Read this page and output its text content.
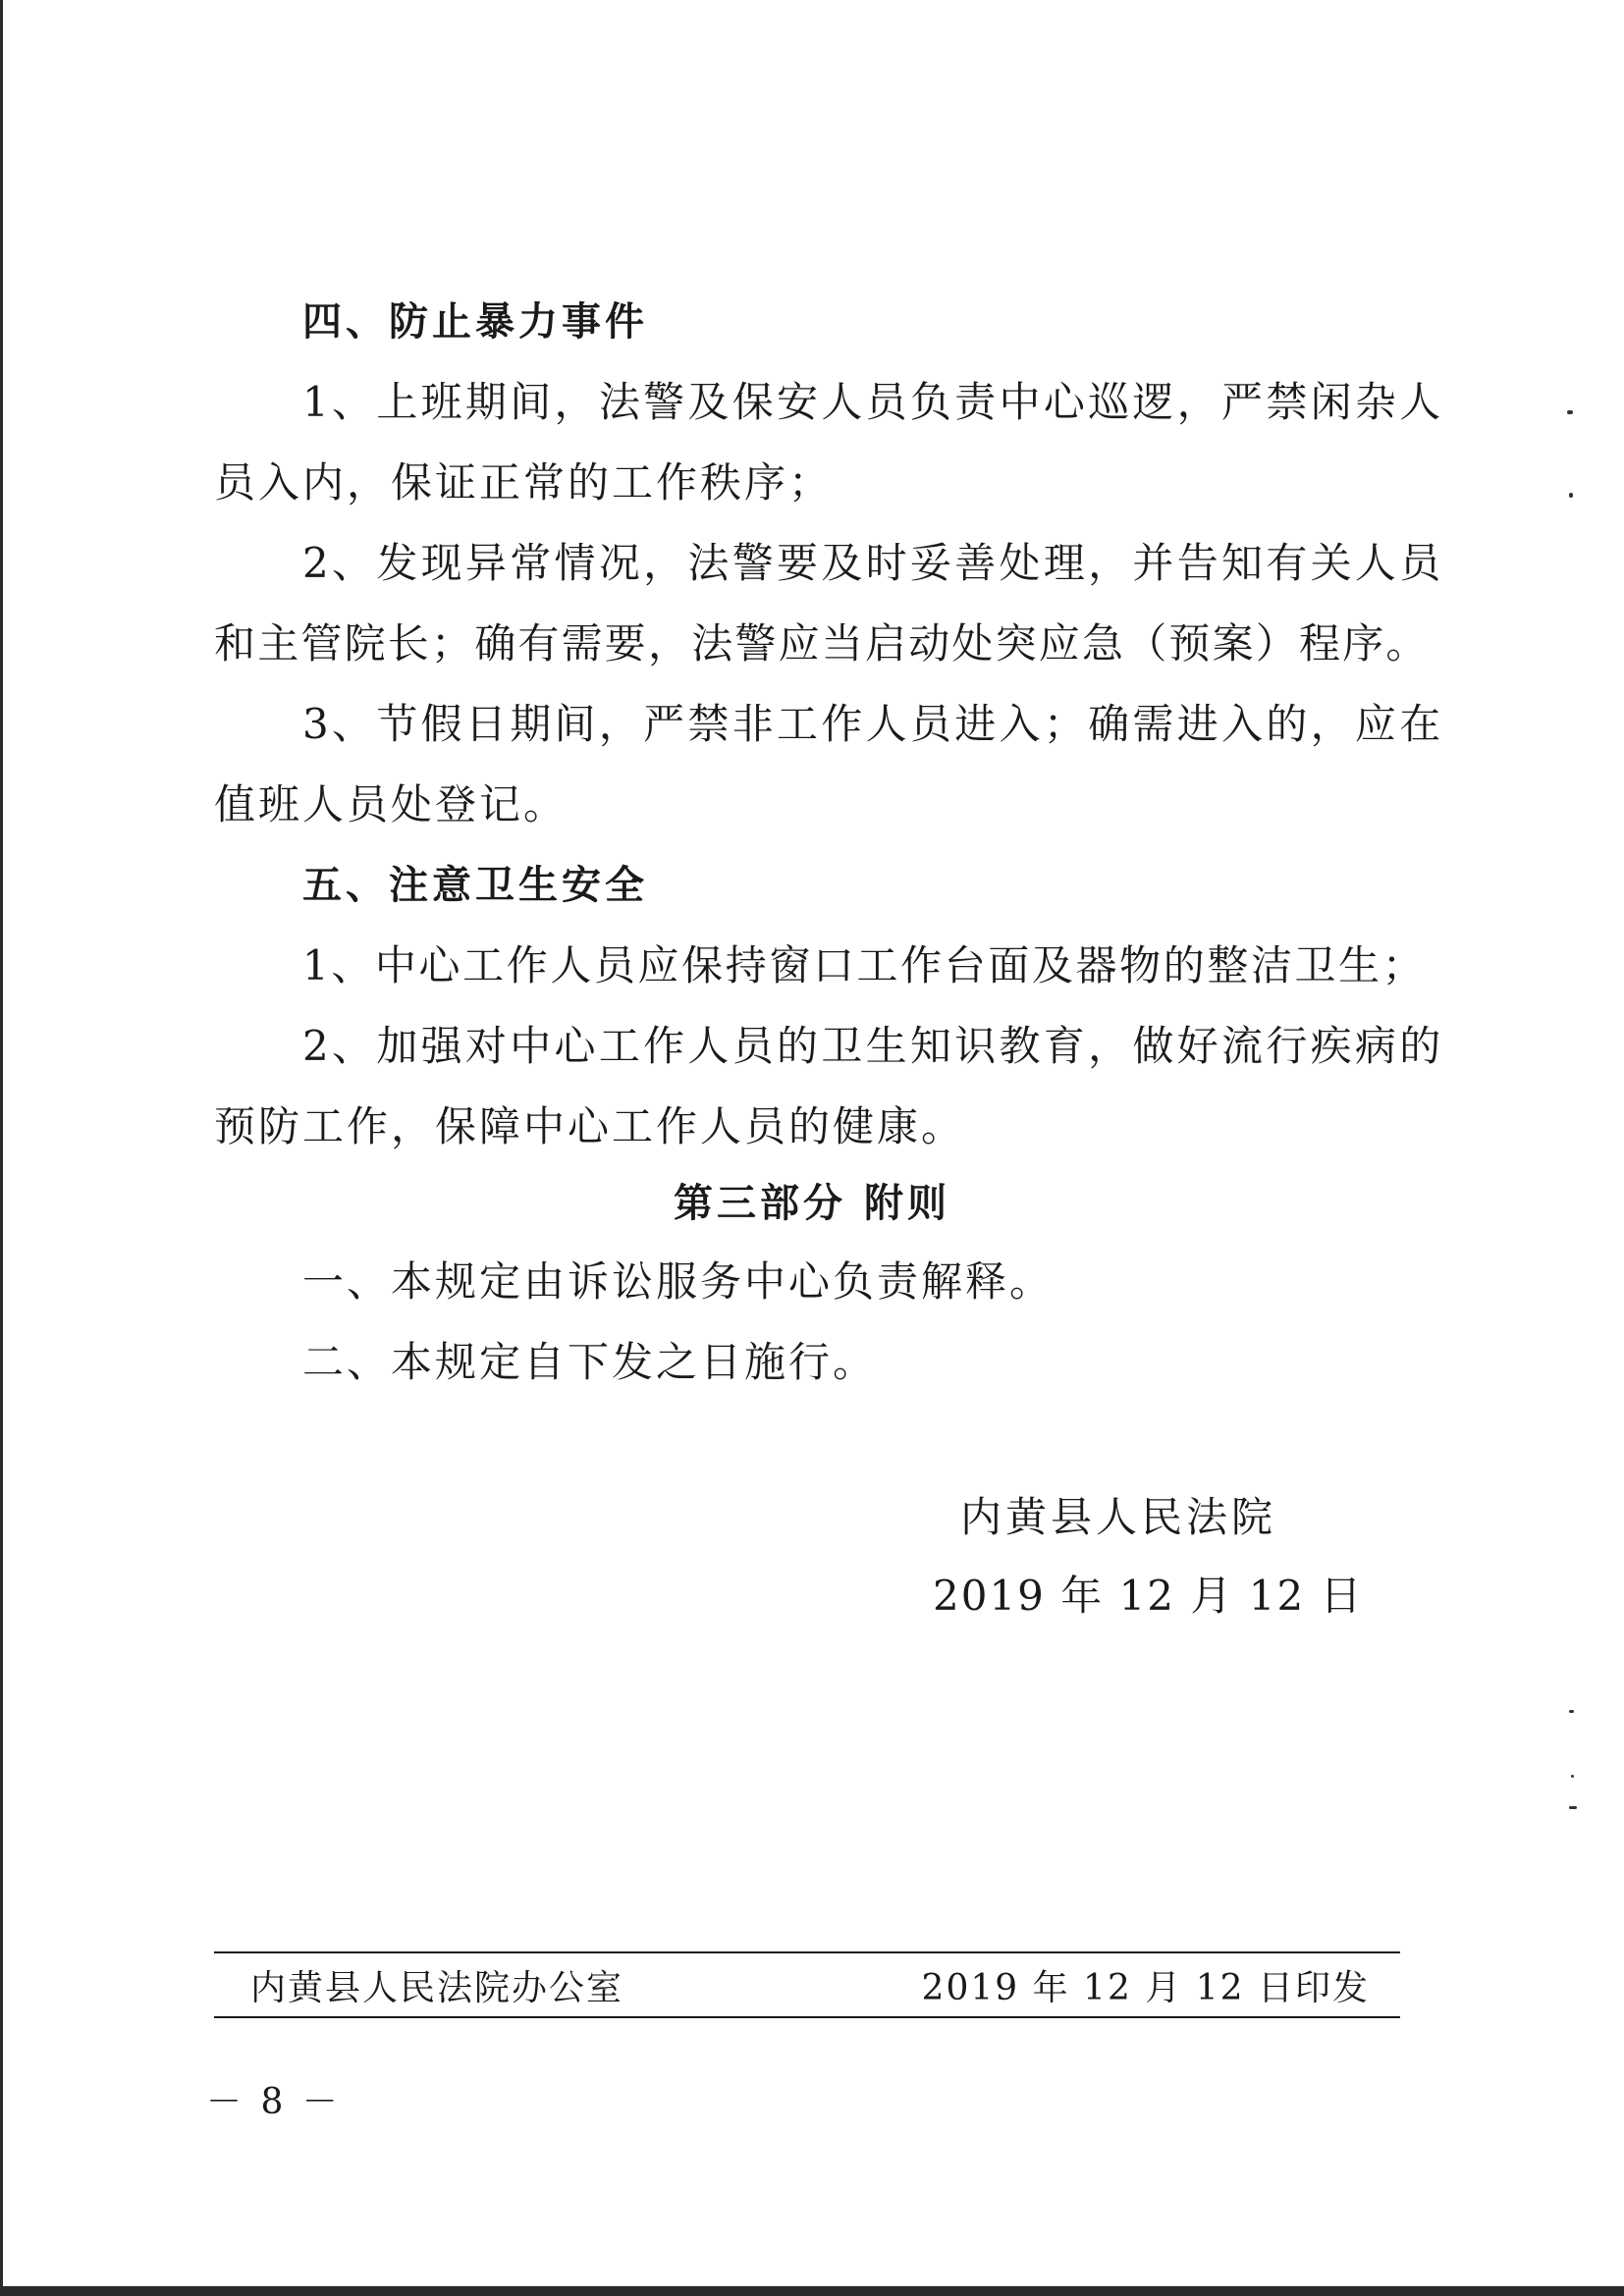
四、防止暴力事件

1、上班期间，法警及保安人员负责中心巡逻，严禁闲杂人

员入内，保证正常的工作秩序；

2、发现异常情况，法警要及时妥善处理，并告知有关人员

和主管院长；确有需要，法警应当启动处突应急（预案）程序。

3、节假日期间，严禁非工作人员进入；确需进入的，应在

值班人员处登记。

五、注意卫生安全

1、中心工作人员应保持窗口工作台面及器物的整洁卫生；

2、加强对中心工作人员的卫生知识教育，做好流行疾病的

预防工作，保障中心工作人员的健康。

第三部分 附则

一、本规定由诉讼服务中心负责解释。

二、本规定自下发之日施行。

内黄县人民法院

2019 年 12 月 12 日

内黄县人民法院办公室	2019 年 12 月 12 日印发
－ 8 －
